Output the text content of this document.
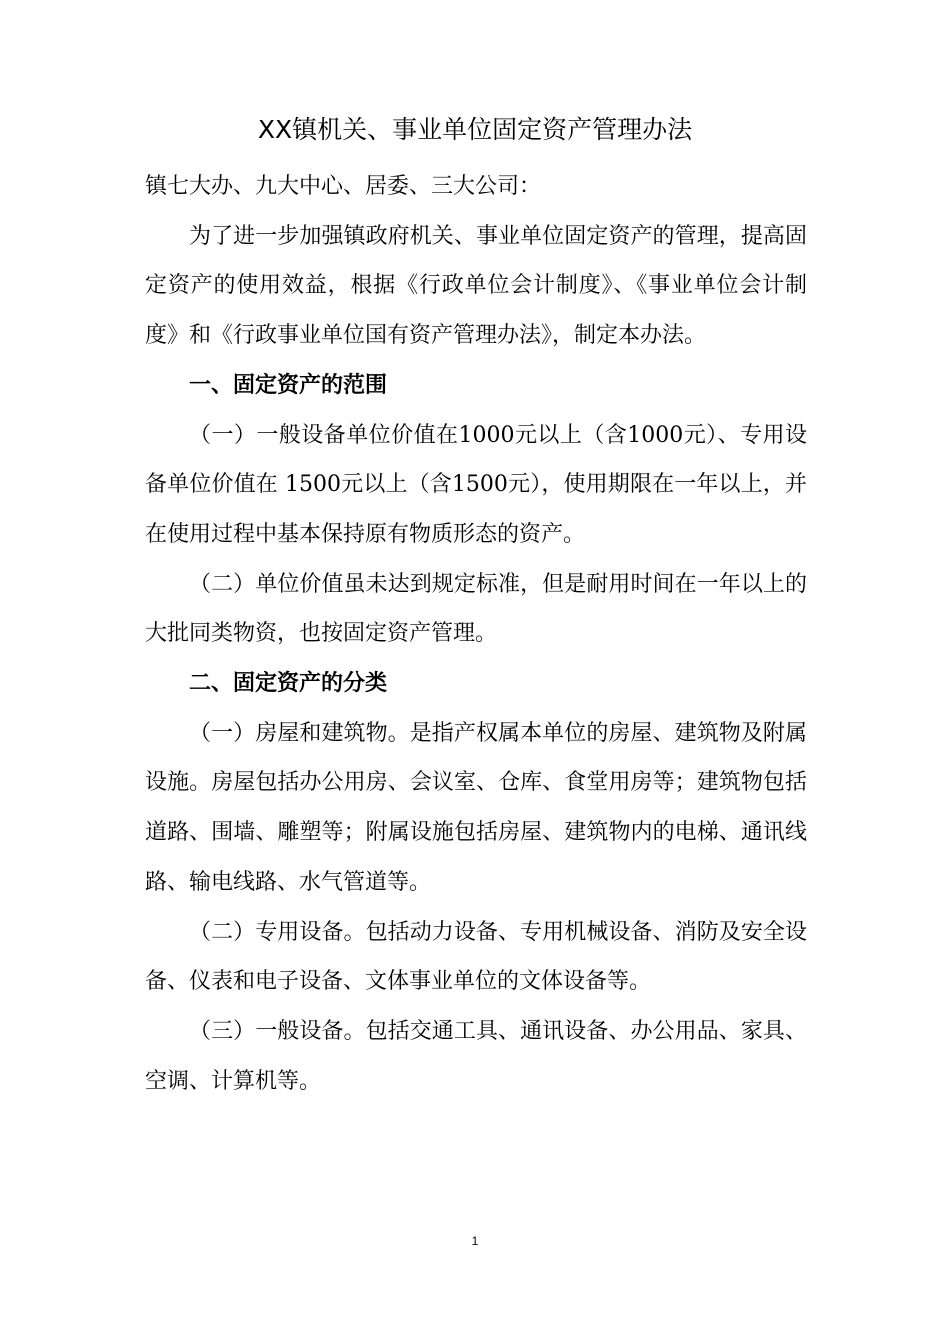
XX镇机关、事业单位固定资产管理办法

镇七大办、九大中心、居委、三大公司：

为了进一步加强镇政府机关、事业单位固定资产的管理，提高固定资产的使用效益，根据《行政单位会计制度》、《事业单位会计制度》和《行政事业单位国有资产管理办法》，制定本办法。

一、固定资产的范围

（一）一般设备单位价值在1000元以上（含1000元）、专用设备单位价值在 1500元以上（含1500元），使用期限在一年以上，并在使用过程中基本保持原有物质形态的资产。

（二）单位价值虽未达到规定标准，但是耐用时间在一年以上的大批同类物资，也按固定资产管理。

二、固定资产的分类

（一）房屋和建筑物。是指产权属本单位的房屋、建筑物及附属设施。房屋包括办公用房、会议室、仓库、食堂用房等；建筑物包括道路、围墙、雕塑等；附属设施包括房屋、建筑物内的电梯、通讯线路、输电线路、水气管道等。

（二）专用设备。包括动力设备、专用机械设备、消防及安全设备、仪表和电子设备、文体事业单位的文体设备等。

（三）一般设备。包括交通工具、通讯设备、办公用品、家具、空调、计算机等。

1
